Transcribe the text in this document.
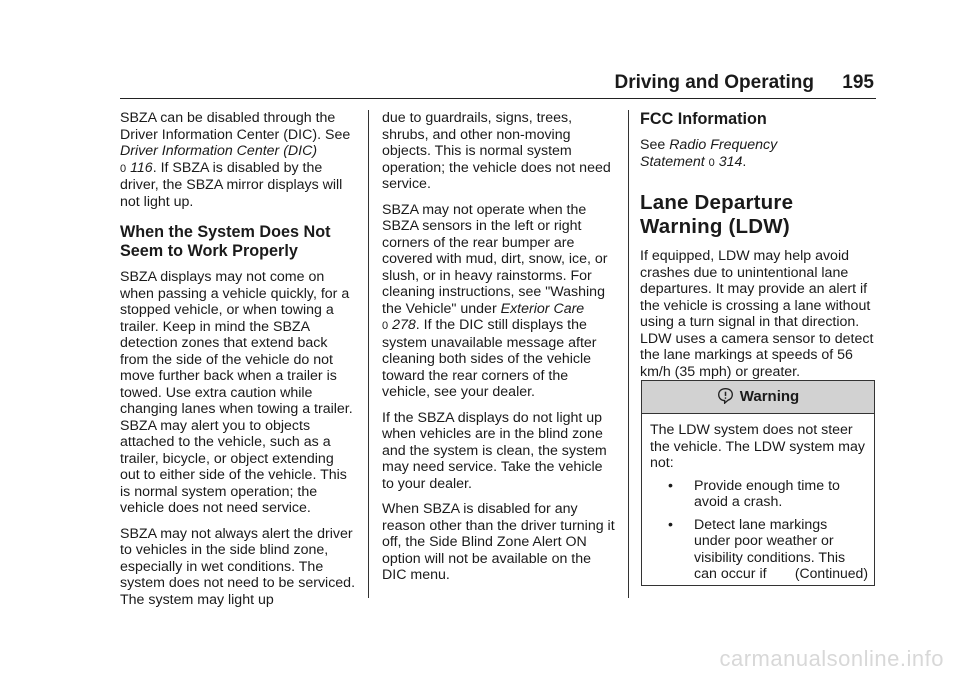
Driving and Operating 195

SBZA can be disabled through the Driver Information Center (DIC). See Driver Information Center (DIC)
0 116. If SBZA is disabled by the driver, the SBZA mirror displays will not light up.

When the System Does Not Seem to Work Properly

SBZA displays may not come on when passing a vehicle quickly, for a stopped vehicle, or when towing a trailer. Keep in mind the SBZA detection zones that extend back from the side of the vehicle do not move further back when a trailer is towed. Use extra caution while changing lanes when towing a trailer. SBZA may alert you to objects attached to the vehicle, such as a trailer, bicycle, or object extending out to either side of the vehicle. This is normal system operation; the vehicle does not need service.

SBZA may not always alert the driver to vehicles in the side blind zone, especially in wet conditions. The system does not need to be serviced. The system may light up

due to guardrails, signs, trees, shrubs, and other non-moving objects. This is normal system operation; the vehicle does not need service.

SBZA may not operate when the SBZA sensors in the left or right corners of the rear bumper are covered with mud, dirt, snow, ice, or slush, or in heavy rainstorms. For cleaning instructions, see "Washing the Vehicle" under Exterior Care
0 278. If the DIC still displays the system unavailable message after cleaning both sides of the vehicle toward the rear corners of the vehicle, see your dealer.

If the SBZA displays do not light up when vehicles are in the blind zone and the system is clean, the system may need service. Take the vehicle to your dealer.

When SBZA is disabled for any reason other than the driver turning it off, the Side Blind Zone Alert ON option will not be available on the DIC menu.

FCC Information

See Radio Frequency Statement 0 314.

Lane Departure Warning (LDW)

If equipped, LDW may help avoid crashes due to unintentional lane departures. It may provide an alert if the vehicle is crossing a lane without using a turn signal in that direction. LDW uses a camera sensor to detect the lane markings at speeds of 56 km/h (35 mph) or greater.

Warning

The LDW system does not steer the vehicle. The LDW system may not:

• Provide enough time to avoid a crash.
• Detect lane markings under poor weather or visibility conditions. This can occur if	(Continued)
carmanualsonline.info
